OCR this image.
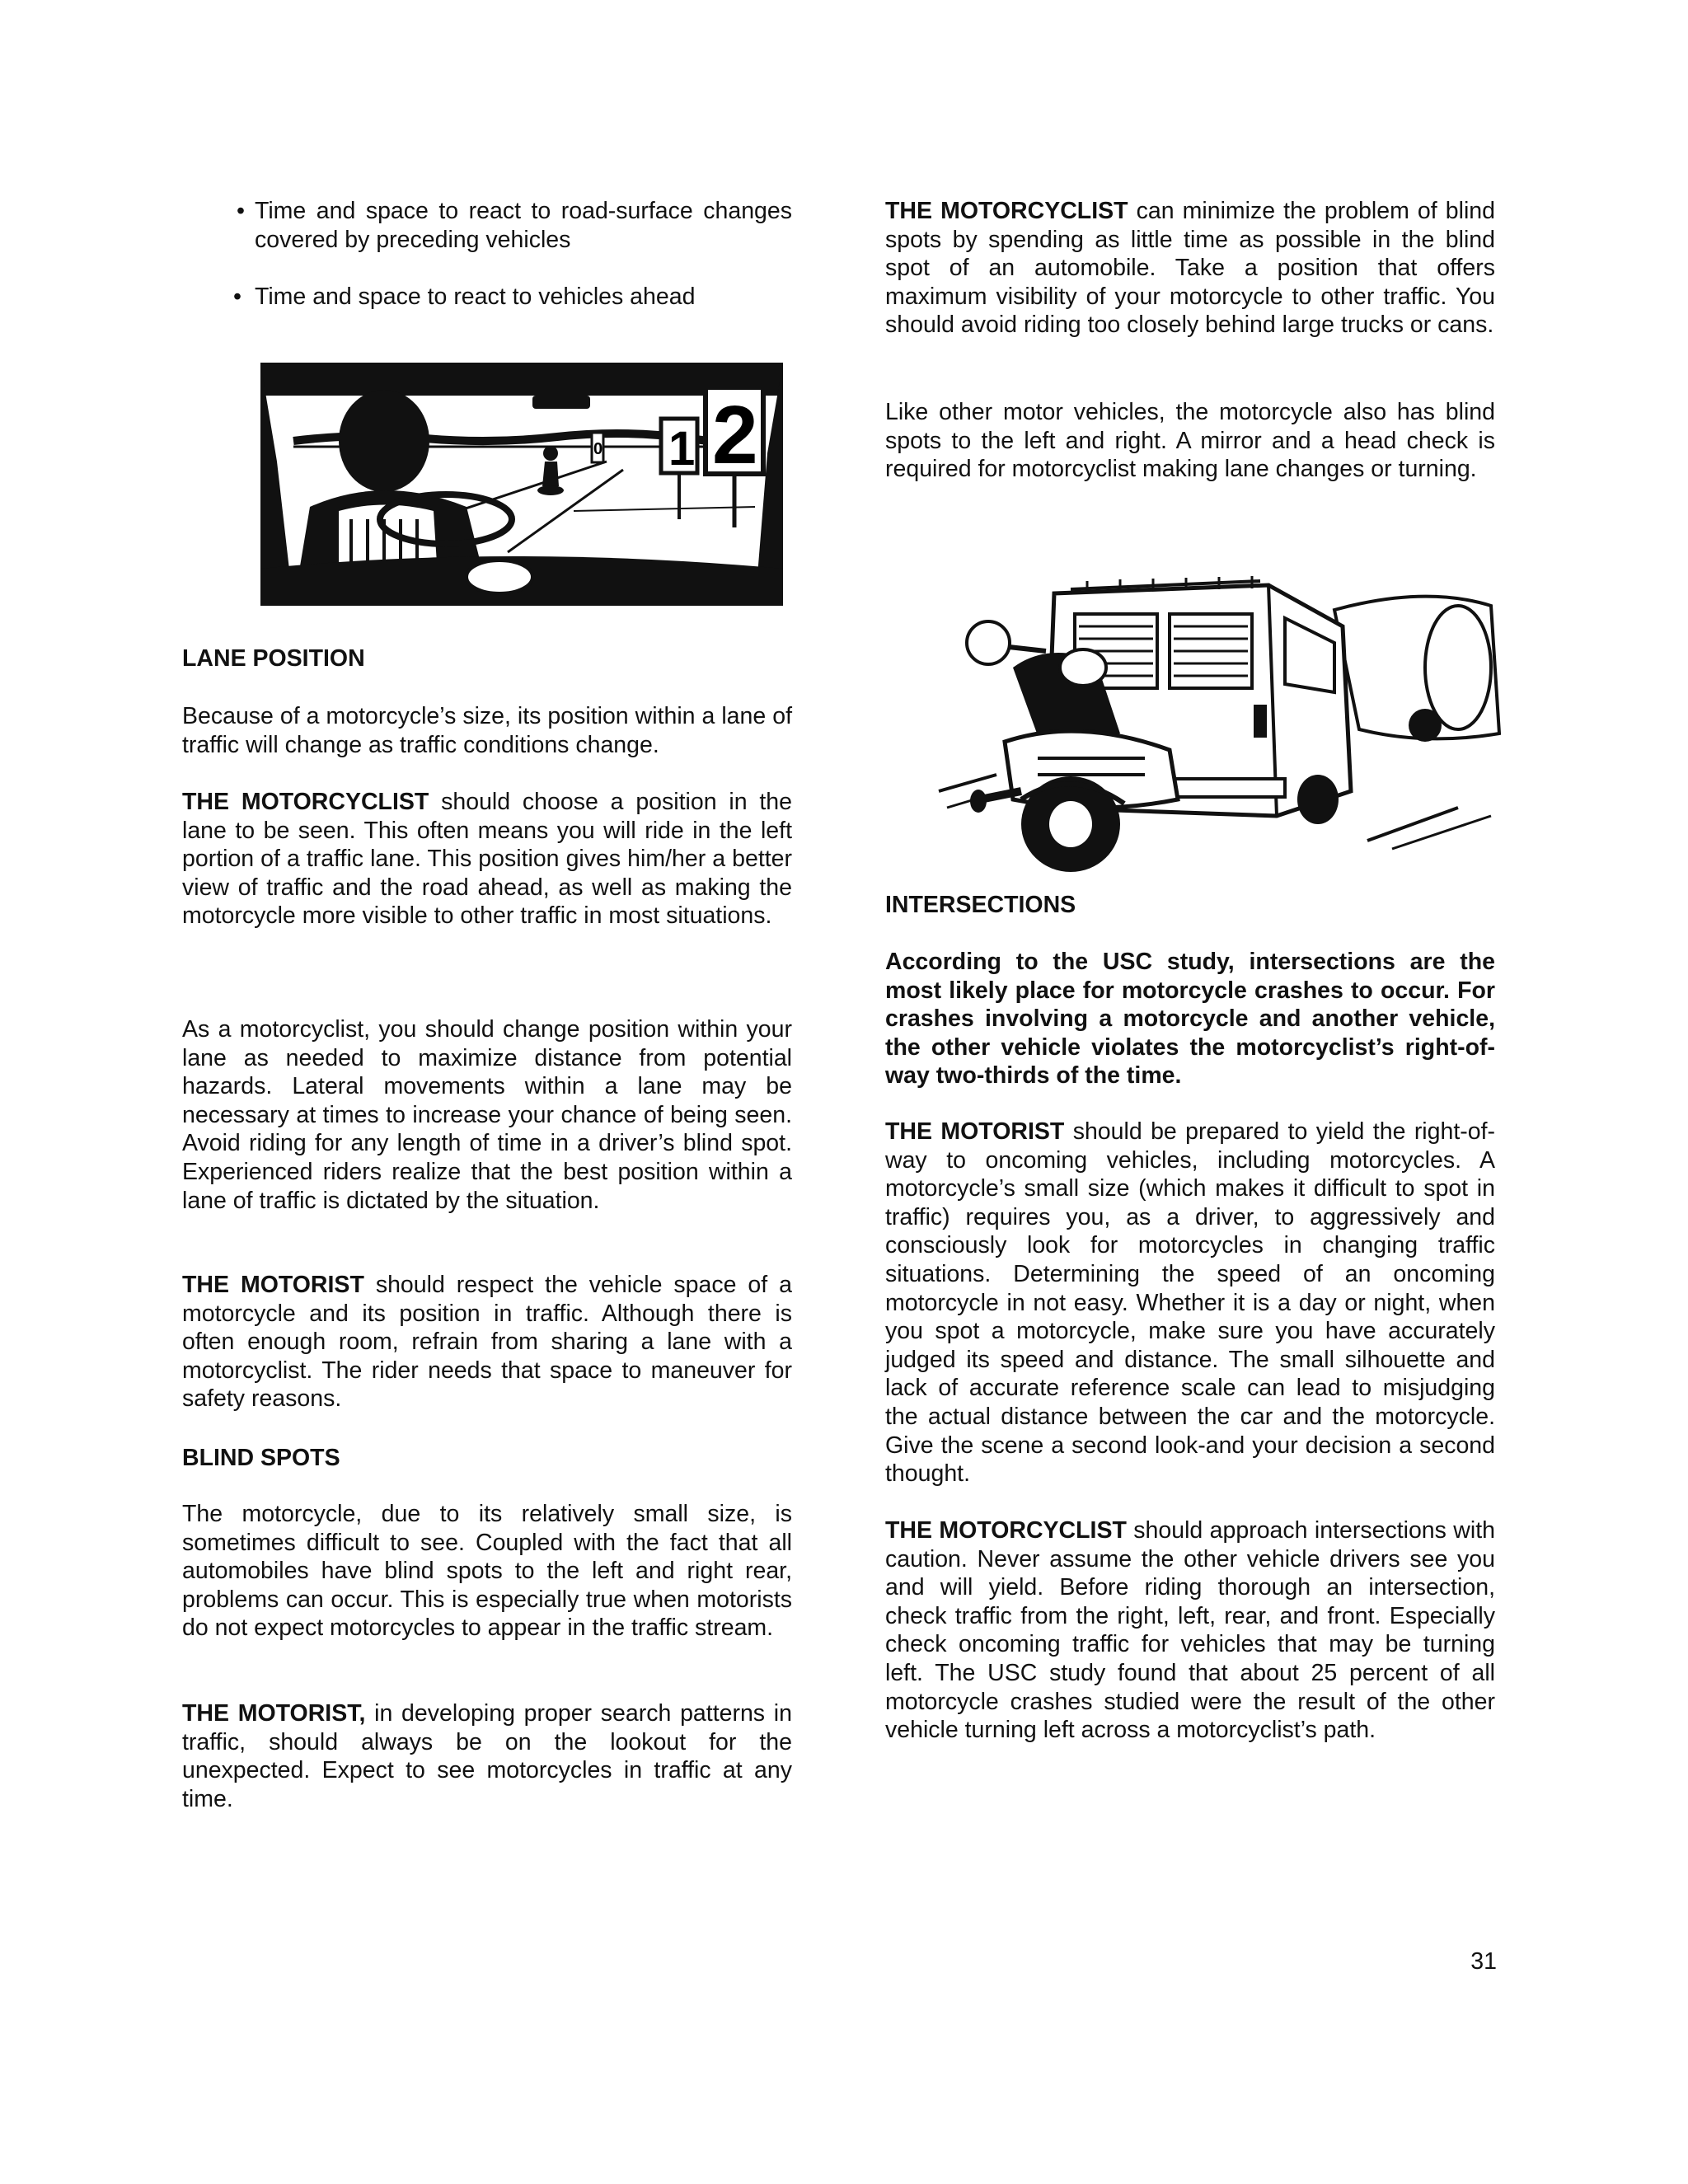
• Time and space to react to road-surface changes covered by preceding vehicles
• Time and space to react to vehicles ahead
0 1 2

LANE POSITION

Because of a motorcycle’s size, its position within a lane of traffic will change as traffic conditions change.

THE MOTORCYCLIST should choose a position in the lane to be seen. This often means you will ride in the left portion of a traffic lane. This position gives him/her a better view of traffic and the road ahead, as well as making the motorcycle more visible to other traffic in most situations.

As a motorcyclist, you should change position within your lane as needed to maximize distance from potential hazards. Lateral movements within a lane may be necessary at times to increase your chance of being seen. Avoid riding for any length of time in a driver’s blind spot. Experienced riders realize that the best position within a lane of traffic is dictated by the situation.

THE MOTORIST should respect the vehicle space of a motorcycle and its position in traffic. Although there is often enough room, refrain from sharing a lane with a motorcyclist. The rider needs that space to maneuver for safety reasons.

BLIND SPOTS

The motorcycle, due to its relatively small size, is sometimes difficult to see. Coupled with the fact that all automobiles have blind spots to the left and right rear, problems can occur. This is especially true when motorists do not expect motorcycles to appear in the traffic stream.

THE MOTORIST, in developing proper search patterns in traffic, should always be on the lookout for the unexpected. Expect to see motorcycles in traffic at any time.

THE MOTORCYCLIST can minimize the problem of blind spots by spending as little time as possible in the blind spot of an automobile. Take a position that offers maximum visibility of your motorcycle to other traffic. You should avoid riding too closely behind large trucks or cans.

Like other motor vehicles, the motorcycle also has blind spots to the left and right. A mirror and a head check is required for motorcyclist making lane changes or turning.

INTERSECTIONS

According to the USC study, intersections are the most likely place for motorcycle crashes to occur. For crashes involving a motorcycle and another vehicle, the other vehicle violates the motorcyclist’s right-of-way two-thirds of the time.

THE MOTORIST should be prepared to yield the right-of-way to oncoming vehicles, including motorcycles. A motorcycle’s small size (which makes it difficult to spot in traffic) requires you, as a driver, to aggressively and consciously look for motorcycles in changing traffic situations. Determining the speed of an oncoming motorcycle in not easy. Whether it is a day or night, when you spot a motorcycle, make sure you have accurately judged its speed and distance. The small silhouette and lack of accurate reference scale can lead to misjudging the actual distance between the car and the motorcycle. Give the scene a second look-and your decision a second thought.

THE MOTORCYCLIST should approach intersections with caution. Never assume the other vehicle drivers see you and will yield. Before riding thorough an intersection, check traffic from the right, left, rear, and front. Especially check oncoming traffic for vehicles that may be turning left. The USC study found that about 25 percent of all motorcycle crashes studied were the result of the other vehicle turning left across a motorcyclist’s path.

31
